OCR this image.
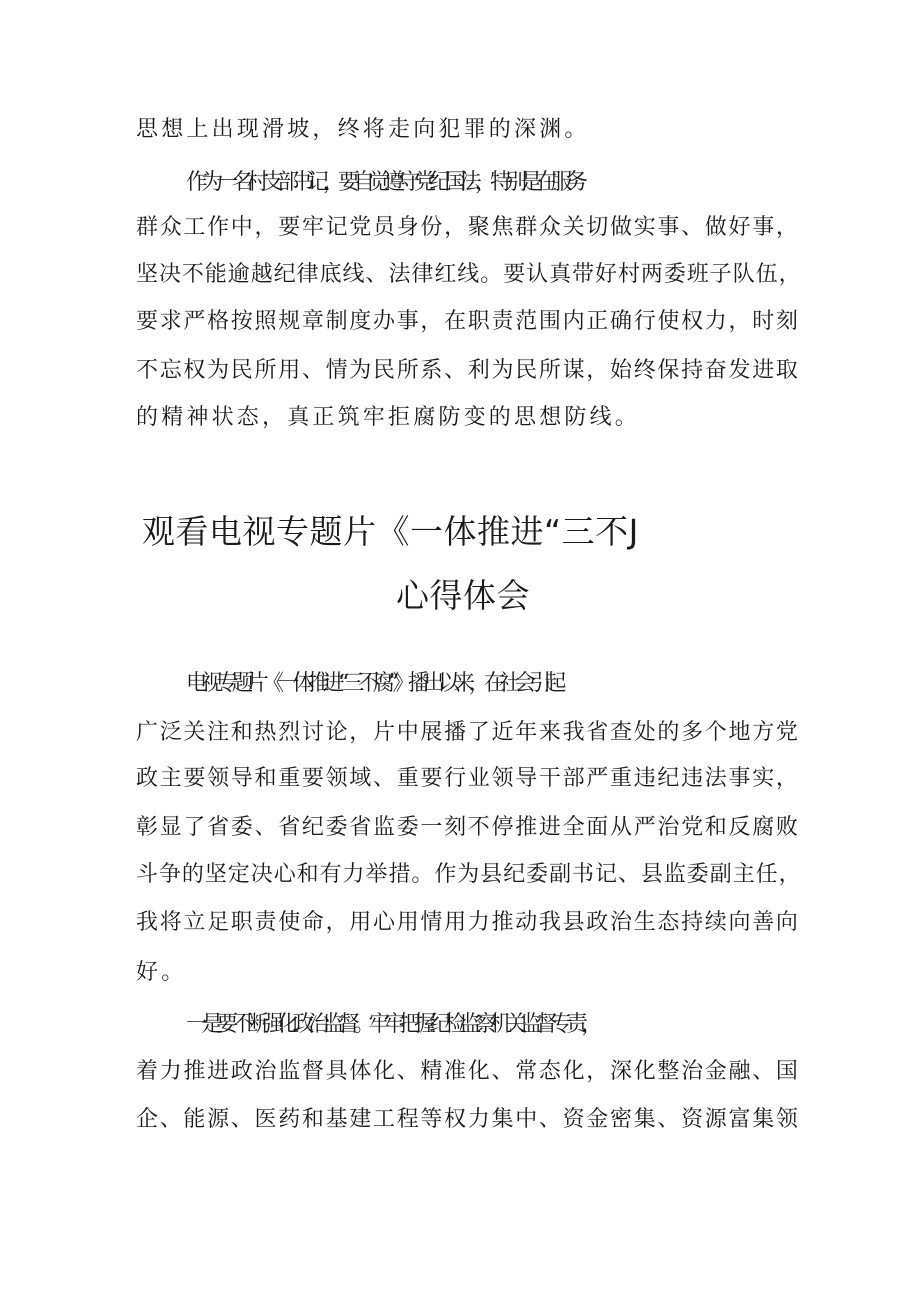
思想上出现滑坡，终将走向犯罪的深渊。
作为一名村支部书记，要自觉遵守党纪国法，特别是在服务
群众工作中，要牢记党员身份，聚焦群众关切做实事、做好事，
坚决不能逾越纪律底线、法律红线。要认真带好村两委班子队伍，
要求严格按照规章制度办事，在职责范围内正确行使权力，时刻
不忘权为民所用、情为民所系、利为民所谋，始终保持奋发进取
的精神状态，真正筑牢拒腐防变的思想防线。
观看电视专题片《一体推进“三不J
心得体会
电视专题片《一体推进“三不腐”》播出以来，在社会引起
广泛关注和热烈讨论，片中展播了近年来我省查处的多个地方党
政主要领导和重要领域、重要行业领导干部严重违纪违法事实，
彰显了省委、省纪委省监委一刻不停推进全面从严治党和反腐败
斗争的坚定决心和有力举措。作为县纪委副书记、县监委副主任，
我将立足职责使命，用心用情用力推动我县政治生态持续向善向
好。
一是要不断强化政治监督。牢牢把握纪检监察机关监督专责，
着力推进政治监督具体化、精准化、常态化，深化整治金融、国
企、能源、医药和基建工程等权力集中、资金密集、资源富集领
